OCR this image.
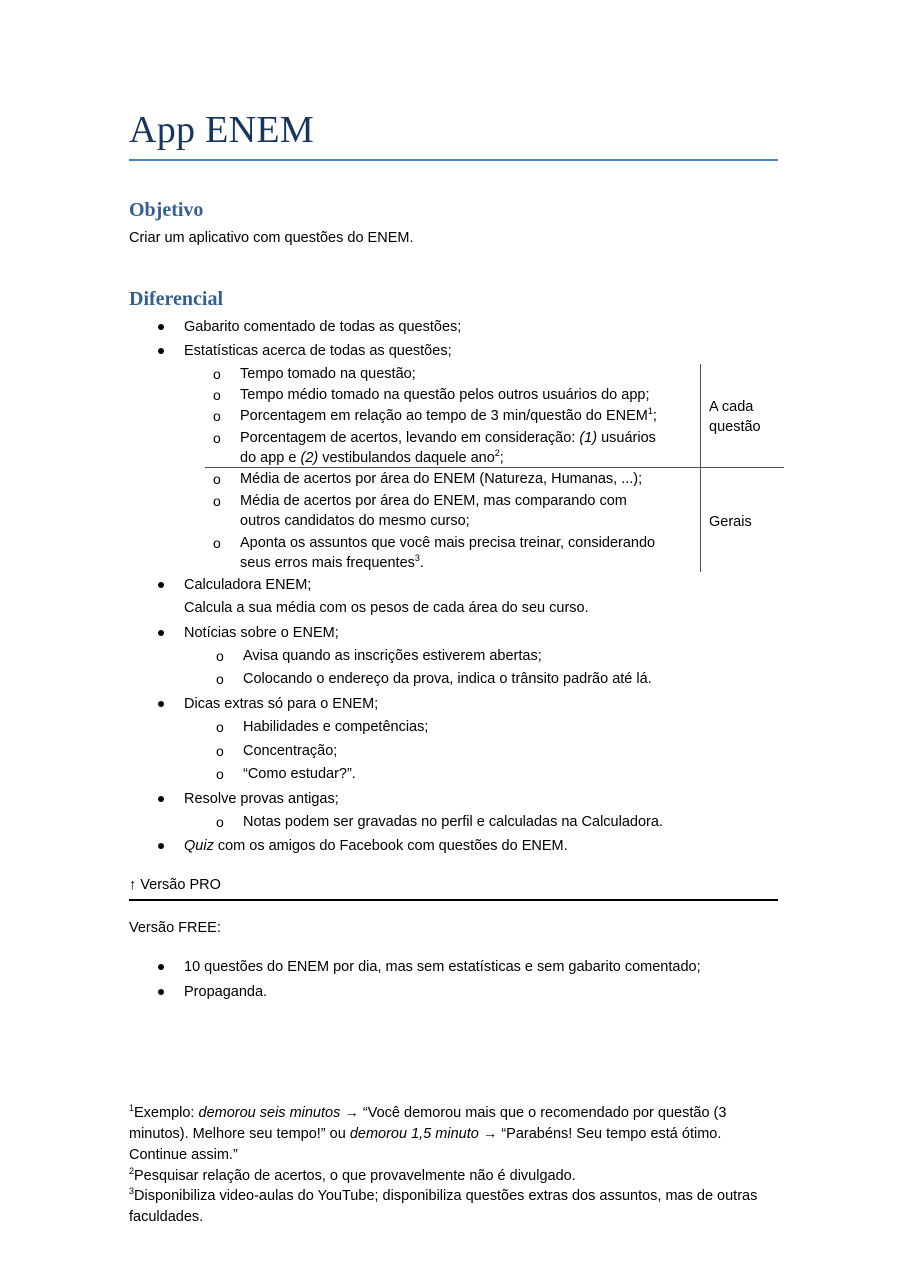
App ENEM
Objetivo
Criar um aplicativo com questões do ENEM.
Diferencial
Gabarito comentado de todas as questões;
Estatísticas acerca de todas as questões;
o Tempo tomado na questão;
o Tempo médio tomado na questão pelos outros usuários do app;
o Porcentagem em relação ao tempo de 3 min/questão do ENEM$^1$;
o Porcentagem de acertos, levando em consideração: (1) usuários
do app e (2) vestibulandos daquele ano$^2$;
A cada
questão
o Média de acertos por área do ENEM (Natureza, Humanas, ...);
o Média de acertos por área do ENEM, mas comparando com
outros candidatos do mesmo curso;
o Aponta os assuntos que você mais precisa treinar, considerando
seus erros mais frequentes$^3$.
Gerais
Calculadora ENEM;
Calcula a sua média com os pesos de cada área do seu curso.
Notícias sobre o ENEM;
o Avisa quando as inscrições estiverem abertas;
o Colocando o endereço da prova, indica o trânsito padrão até lá.
Dicas extras só para o ENEM;
o Habilidades e competências;
o Concentração;
o “Como estudar?”.
Resolve provas antigas;
o Notas podem ser gravadas no perfil e calculadas na Calculadora.
Quiz com os amigos do Facebook com questões do ENEM.
↑ Versão PRO
Versão FREE:
10 questões do ENEM por dia, mas sem estatísticas e sem gabarito comentado;
Propaganda.
$^1$Exemplo: demorou seis minutos → “Você demorou mais que o recomendado por questão (3 minutos). Melhore seu tempo!” ou demorou 1,5 minuto → “Parabéns! Seu tempo está ótimo. Continue assim.”
$^2$Pesquisar relação de acertos, o que provavelmente não é divulgado.
$^3$Disponibiliza video-aulas do YouTube; disponibiliza questões extras dos assuntos, mas de outras faculdades.
